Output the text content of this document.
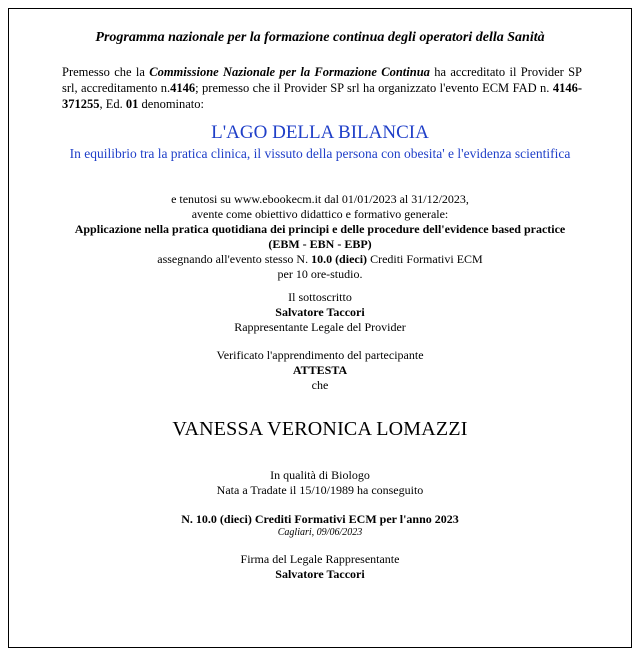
Programma nazionale per la formazione continua degli operatori della Sanità
Premesso che la Commissione Nazionale per la Formazione Continua ha accreditato il Provider SP srl, accreditamento n.4146; premesso che il Provider SP srl ha organizzato l'evento ECM FAD n. 4146-371255, Ed. 01 denominato:
L'AGO DELLA BILANCIA
In equilibrio tra la pratica clinica, il vissuto della persona con obesita' e l'evidenza scientifica
e tenutosi su www.ebookecm.it dal 01/01/2023 al 31/12/2023,
avente come obiettivo didattico e formativo generale:
Applicazione nella pratica quotidiana dei principi e delle procedure dell'evidence based practice (EBM - EBN - EBP)
assegnando all'evento stesso N. 10.0 (dieci) Crediti Formativi ECM
per 10 ore-studio.
Il sottoscritto
Salvatore Taccori
Rappresentante Legale del Provider
Verificato l'apprendimento del partecipante
ATTESTA
che
VANESSA VERONICA LOMAZZI
In qualità di Biologo
Nata a Tradate il 15/10/1989 ha conseguito
N. 10.0 (dieci) Crediti Formativi ECM per l'anno 2023
Cagliari, 09/06/2023
Firma del Legale Rappresentante
Salvatore Taccori
